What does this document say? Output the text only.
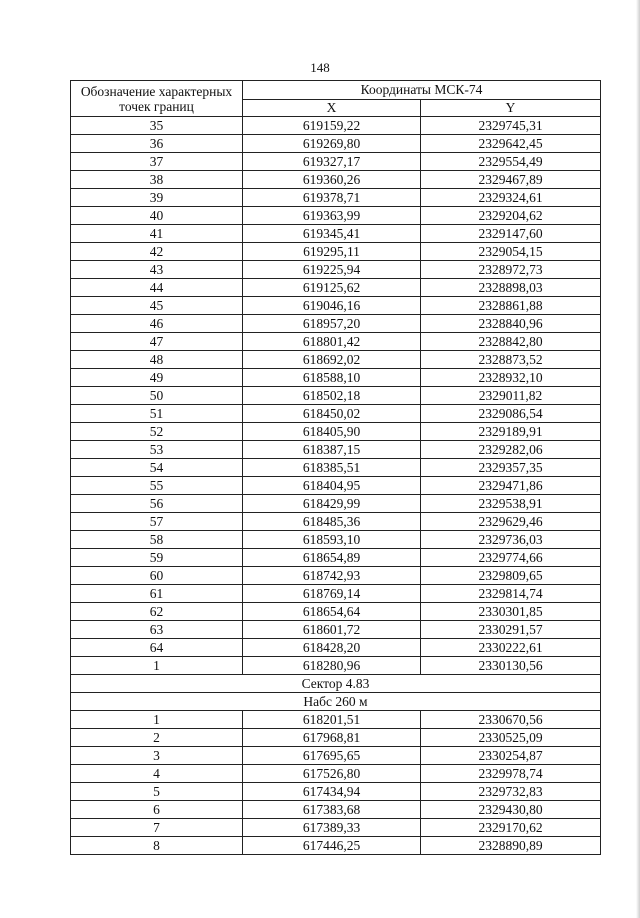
148
Обозначение характерных точек границ	Координаты МСК-74	
	X	Y
35	619159,22	2329745,31
36	619269,80	2329642,45
37	619327,17	2329554,49
38	619360,26	2329467,89
39	619378,71	2329324,61
40	619363,99	2329204,62
41	619345,41	2329147,60
42	619295,11	2329054,15
43	619225,94	2328972,73
44	619125,62	2328898,03
45	619046,16	2328861,88
46	618957,20	2328840,96
47	618801,42	2328842,80
48	618692,02	2328873,52
49	618588,10	2328932,10
50	618502,18	2329011,82
51	618450,02	2329086,54
52	618405,90	2329189,91
53	618387,15	2329282,06
54	618385,51	2329357,35
55	618404,95	2329471,86
56	618429,99	2329538,91
57	618485,36	2329629,46
58	618593,10	2329736,03
59	618654,89	2329774,66
60	618742,93	2329809,65
61	618769,14	2329814,74
62	618654,64	2330301,85
63	618601,72	2330291,57
64	618428,20	2330222,61
1	618280,96	2330130,56
Сектор 4.83		
Набс 260 м		
1	618201,51	2330670,56
2	617968,81	2330525,09
3	617695,65	2330254,87
4	617526,80	2329978,74
5	617434,94	2329732,83
6	617383,68	2329430,80
7	617389,33	2329170,62
8	617446,25	2328890,89
